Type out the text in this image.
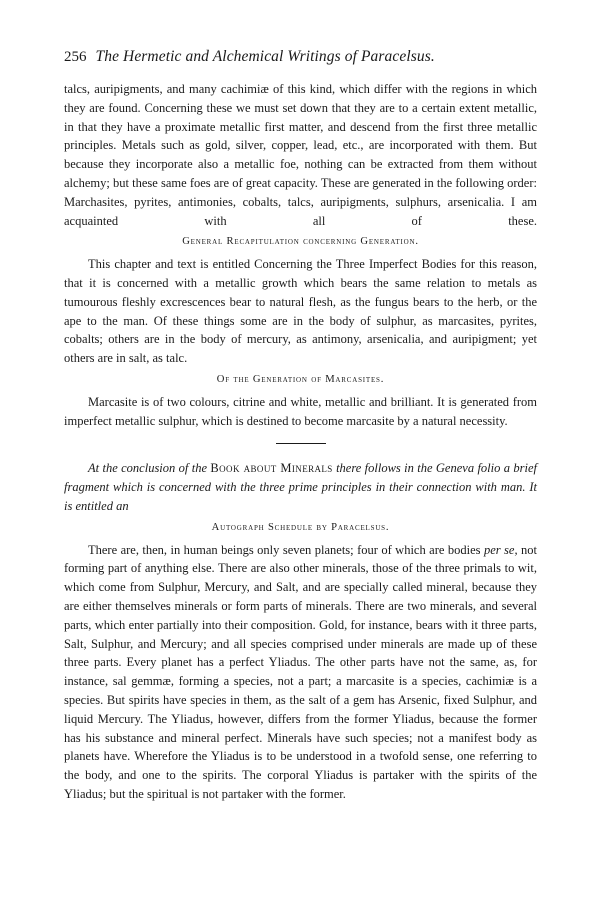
256 The Hermetic and Alchemical Writings of Paracelsus.

talcs, auripigments, and many cachimiæ of this kind, which differ with the regions in which they are found. Concerning these we must set down that they are to a certain extent metallic, in that they have a proximate metallic first matter, and descend from the first three metallic principles. Metals such as gold, silver, copper, lead, etc., are incorporated with them. But because they incorporate also a metallic foe, nothing can be extracted from them without alchemy; but these same foes are of great capacity. These are generated in the following order: Marchasites, pyrites, antimonies, cobalts, talcs, auripigments, sulphurs, arsenicalia. I am acquainted with all of these.

General Recapitulation concerning Generation.

This chapter and text is entitled Concerning the Three Imperfect Bodies for this reason, that it is concerned with a metallic growth which bears the same relation to metals as tumourous fleshly excrescences bear to natural flesh, as the fungus bears to the herb, or the ape to the man. Of these things some are in the body of sulphur, as marcasites, pyrites, cobalts; others are in the body of mercury, as antimony, arsenicalia, and auripigment; yet others are in salt, as talc.

Of the Generation of Marcasites.

Marcasite is of two colours, citrine and white, metallic and brilliant. It is generated from imperfect metallic sulphur, which is destined to become marcasite by a natural necessity.

At the conclusion of the Book about Minerals there follows in the Geneva folio a brief fragment which is concerned with the three prime principles in their connection with man. It is entitled an

Autograph Schedule by Paracelsus.

There are, then, in human beings only seven planets; four of which are bodies per se, not forming part of anything else. There are also other minerals, those of the three primals to wit, which come from Sulphur, Mercury, and Salt, and are specially called mineral, because they are either themselves minerals or form parts of minerals. There are two minerals, and several parts, which enter partially into their composition. Gold, for instance, bears with it three parts, Salt, Sulphur, and Mercury; and all species comprised under minerals are made up of these three parts. Every planet has a perfect Yliadus. The other parts have not the same, as, for instance, sal gemmæ, forming a species, not a part; a marcasite is a species, cachimiæ is a species. But spirits have species in them, as the salt of a gem has Arsenic, fixed Sulphur, and liquid Mercury. The Yliadus, however, differs from the former Yliadus, because the former has his substance and mineral perfect. Minerals have such species; not a manifest body as planets have. Wherefore the Yliadus is to be understood in a twofold sense, one referring to the body, and one to the spirits. The corporal Yliadus is partaker with the spirits of the Yliadus; but the spiritual is not partaker with the former.
